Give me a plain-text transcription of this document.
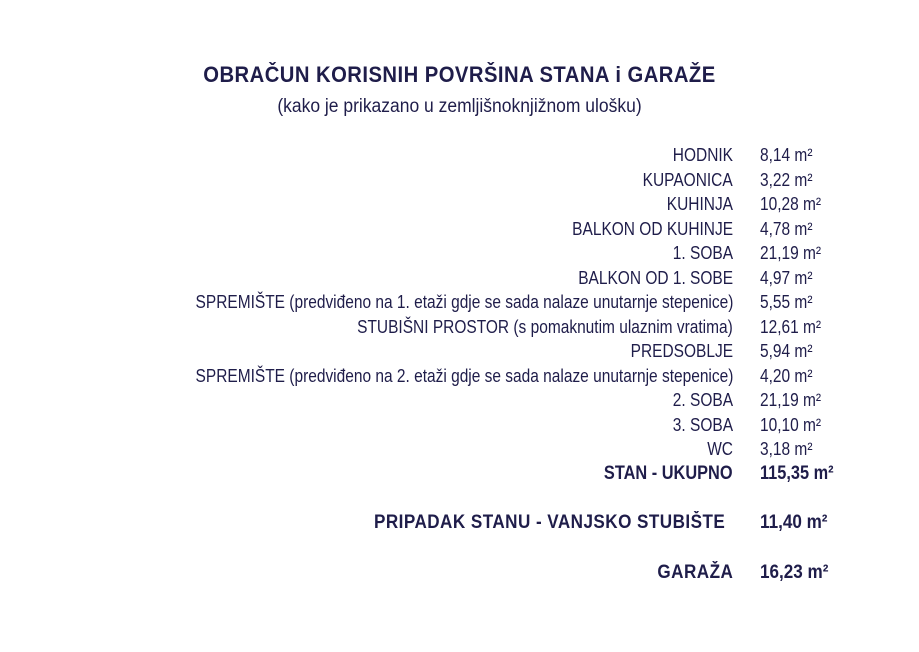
OBRAČUN KORISNIH POVRŠINA STANA i GARAŽE
(kako je prikazano u zemljišnoknjižnom ulošku)
HODNIK 8,14 m²
KUPAONICA 3,22 m²
KUHINJA 10,28 m²
BALKON OD KUHINJE 4,78 m²
1. SOBA 21,19 m²
BALKON OD 1. SOBE 4,97 m²
SPREMIŠTE (predviđeno na 1. etaži gdje se sada nalaze unutarnje stepenice) 5,55 m²
STUBIŠNI PROSTOR (s pomaknutim ulaznim vratima) 12,61 m²
PREDSOBLJE 5,94 m²
SPREMIŠTE (predviđeno na 2. etaži gdje se sada nalaze unutarnje stepenice) 4,20 m²
2. SOBA 21,19 m²
3. SOBA 10,10 m²
WC 3,18 m²
STAN - UKUPNO 115,35 m²
PRIPADAK STANU - VANJSKO STUBIŠTE 11,40 m²
GARAŽA 16,23 m²
